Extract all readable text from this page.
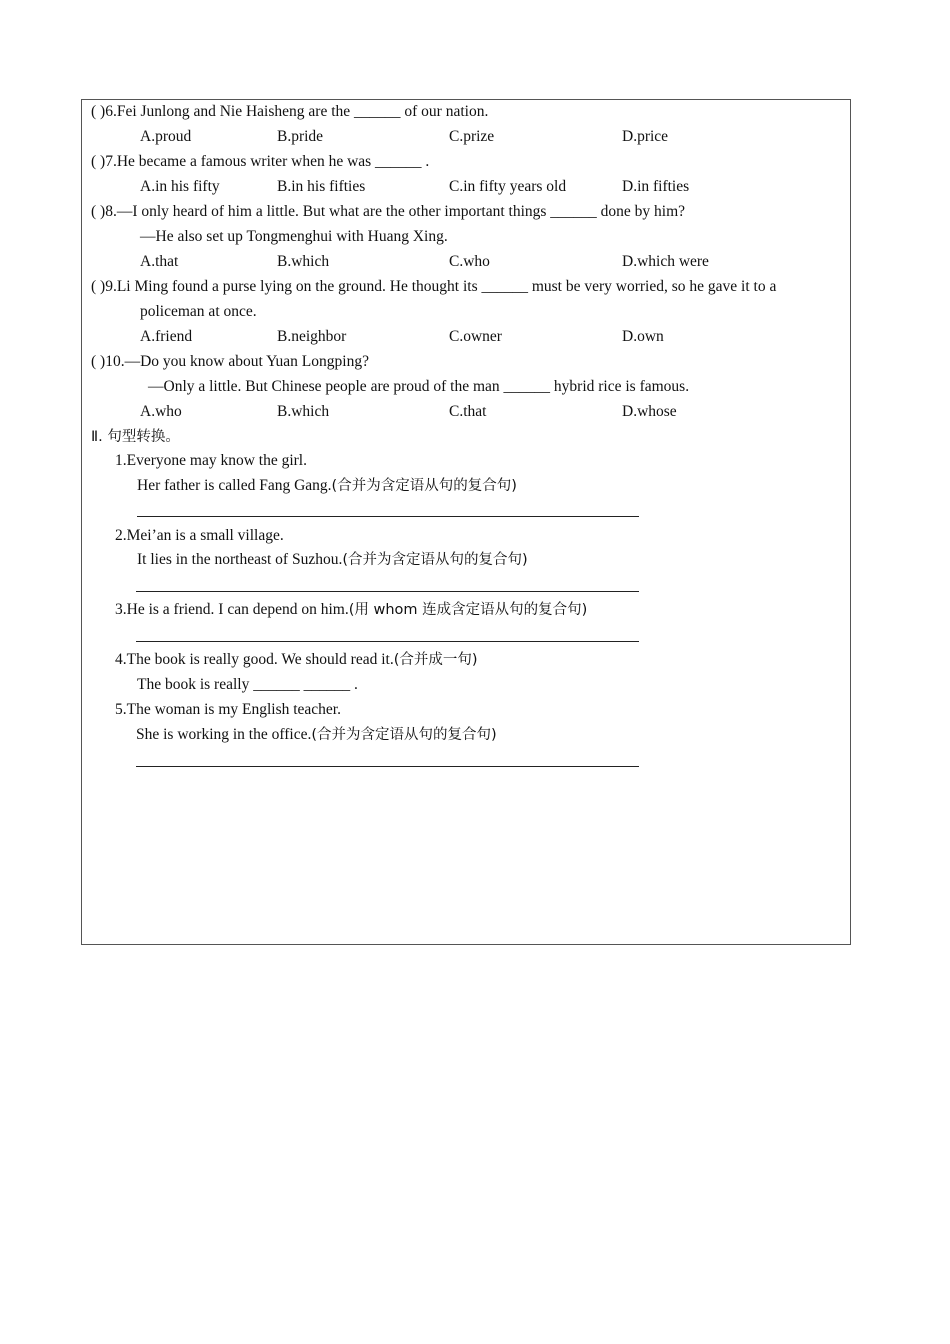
( )6.Fei Junlong and Nie Haisheng are the ______ of our nation.
A.proud	B.pride	C.prize	D.price
( )7.He became a famous writer when he was ______ .
A.in his fifty	B.in his fifties	C.in fifty years old	D.in fifties
( )8.—I only heard of him a little. But what are the other important things ______ done by him?
—He also set up Tongmenghui with Huang Xing.
A.that	B.which	C.who	D.which were
( )9.Li Ming found a purse lying on the ground. He thought its ______ must be very worried, so he gave it to a
policeman at once.
A.friend	B.neighbor	C.owner	D.own
( )10.—Do you know about Yuan Longping?
—Only a little. But Chinese people are proud of the man ______ hybrid rice is famous.
A.who	B.which	C.that	D.whose
Ⅱ. 句型转换。
1.Everyone may know the girl.
Her father is called Fang Gang.(合并为含定语从句的复合句)
2.Mei’an is a small village.
It lies in the northeast of Suzhou.(合并为含定语从句的复合句)
3.He is a friend. I can depend on him.(用 whom 连成含定语从句的复合句)
4.The book is really good. We should read it.(合并成一句)
The book is really ______ ______ .
5.The woman is my English teacher.
She is working in the office.(合并为含定语从句的复合句)
